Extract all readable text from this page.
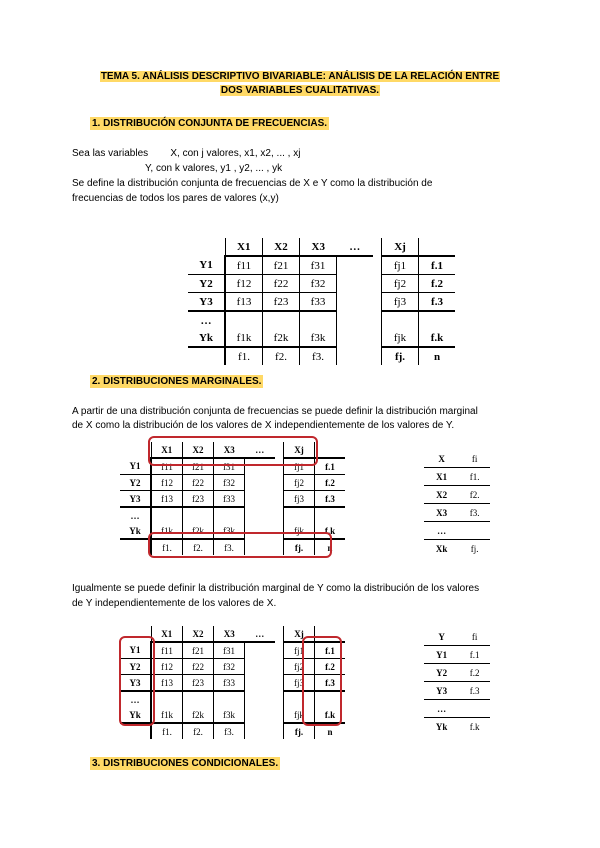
TEMA 5. ANÁLISIS DESCRIPTIVO BIVARIABLE: ANÁLISIS DE LA RELACIÓN ENTRE
DOS VARIABLES CUALITATIVAS.
1. DISTRIBUCIÓN CONJUNTA DE FRECUENCIAS.
Sea las variables        X, con j valores, x1, x2, ... , xj
Y, con k valores, y1 , y2, ... , yk
Se define la distribución conjunta de frecuencias de X e Y como la distribución de
frecuencias de todos los pares de valores (x,y)
	X1	X2	X3	…		Xj	
Y1	f11	f21	f31			fj1	f.1
Y2	f12	f22	f32			fj2	f.2
Y3	f13	f23	f33			fj3	f.3
…							
Yk	f1k	f2k	f3k			fjk	f.k
	f1.	f2.	f3.			fj.	n
2. DISTRIBUCIONES MARGINALES.
A partir de una distribución conjunta de frecuencias se puede definir la distribución marginal
de X como la distribución de los valores de X independientemente de los valores de Y.
	X1	X2	X3	…		Xj	
Y1	f11	f21	f31			fj1	f.1
Y2	f12	f22	f32			fj2	f.2
Y3	f13	f23	f33			fj3	f.3
…							
Yk	f1k	f2k	f3k			fjk	f.k
	f1.	f2.	f3.			fj.	n
X	fi
X1	f1.
X2	f2.
X3	f3.
…	
Xk	fj.
Igualmente se puede definir la distribución marginal de Y como la distribución de los valores
de Y independientemente de los valores de X.
	X1	X2	X3	…		Xj	
Y1	f11	f21	f31			fj1	f.1
Y2	f12	f22	f32			fj2	f.2
Y3	f13	f23	f33			fj3	f.3
…							
Yk	f1k	f2k	f3k			fjk	f.k
	f1.	f2.	f3.			fj.	n
Y	fi
Y1	f.1
Y2	f.2
Y3	f.3
…	
Yk	f.k
3. DISTRIBUCIONES CONDICIONALES.
